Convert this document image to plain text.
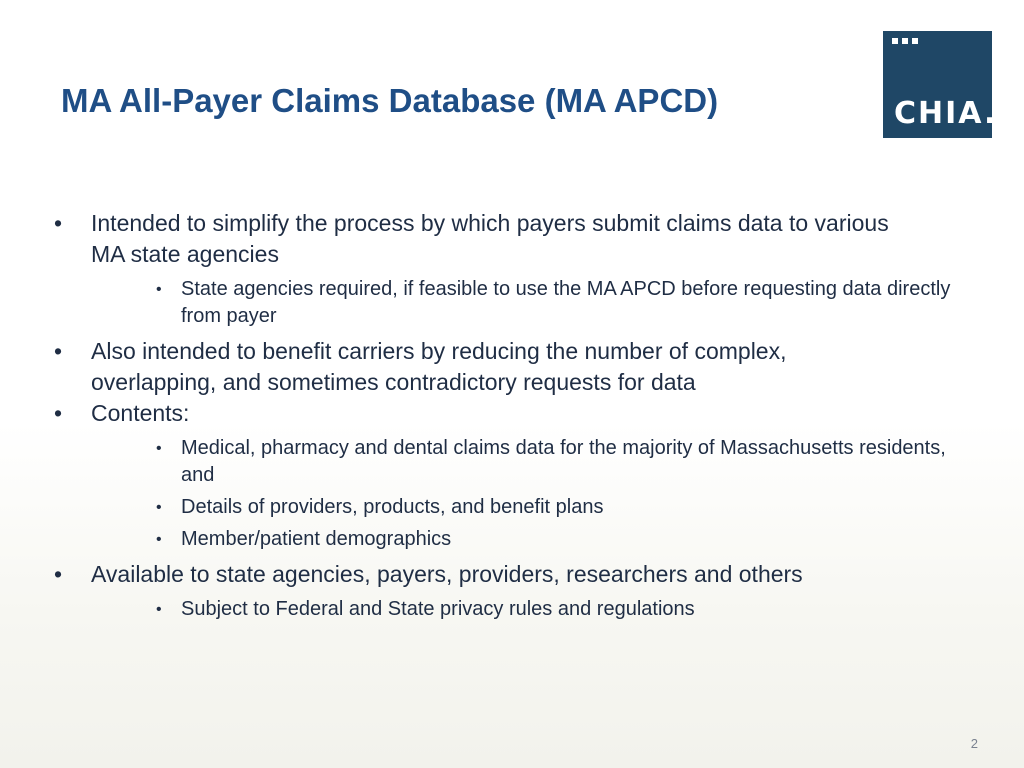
MA All-Payer Claims Database (MA APCD)	CHIA.
• Intended to simplify the process by which payers submit claims data to various MA state agencies
• State agencies required, if feasible to use the MA APCD before requesting data directly from payer
• Also intended to benefit carriers by reducing the number of complex, overlapping, and sometimes contradictory requests for data
• Contents:
• Medical, pharmacy and dental claims data for the majority of Massachusetts residents, and
• Details of providers, products, and benefit plans
• Member/patient demographics
• Available to state agencies, payers, providers, researchers and others
• Subject to Federal and State privacy rules and regulations
2
